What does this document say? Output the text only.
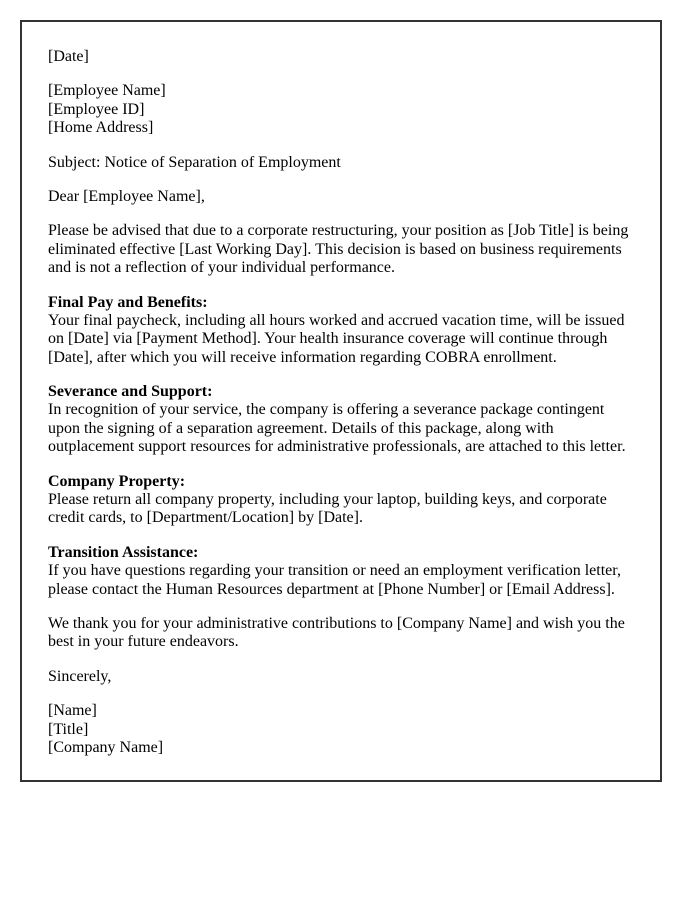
[Date]

[Employee Name]
[Employee ID]
[Home Address]

Subject: Notice of Separation of Employment

Dear [Employee Name],

Please be advised that due to a corporate restructuring, your position as [Job Title] is being eliminated effective [Last Working Day]. This decision is based on business requirements and is not a reflection of your individual performance.

Final Pay and Benefits:
Your final paycheck, including all hours worked and accrued vacation time, will be issued on [Date] via [Payment Method]. Your health insurance coverage will continue through [Date], after which you will receive information regarding COBRA enrollment.

Severance and Support:
In recognition of your service, the company is offering a severance package contingent upon the signing of a separation agreement. Details of this package, along with outplacement support resources for administrative professionals, are attached to this letter.

Company Property:
Please return all company property, including your laptop, building keys, and corporate credit cards, to [Department/Location] by [Date].

Transition Assistance:
If you have questions regarding your transition or need an employment verification letter, please contact the Human Resources department at [Phone Number] or [Email Address].

We thank you for your administrative contributions to [Company Name] and wish you the best in your future endeavors.

Sincerely,

[Name]
[Title]
[Company Name]
